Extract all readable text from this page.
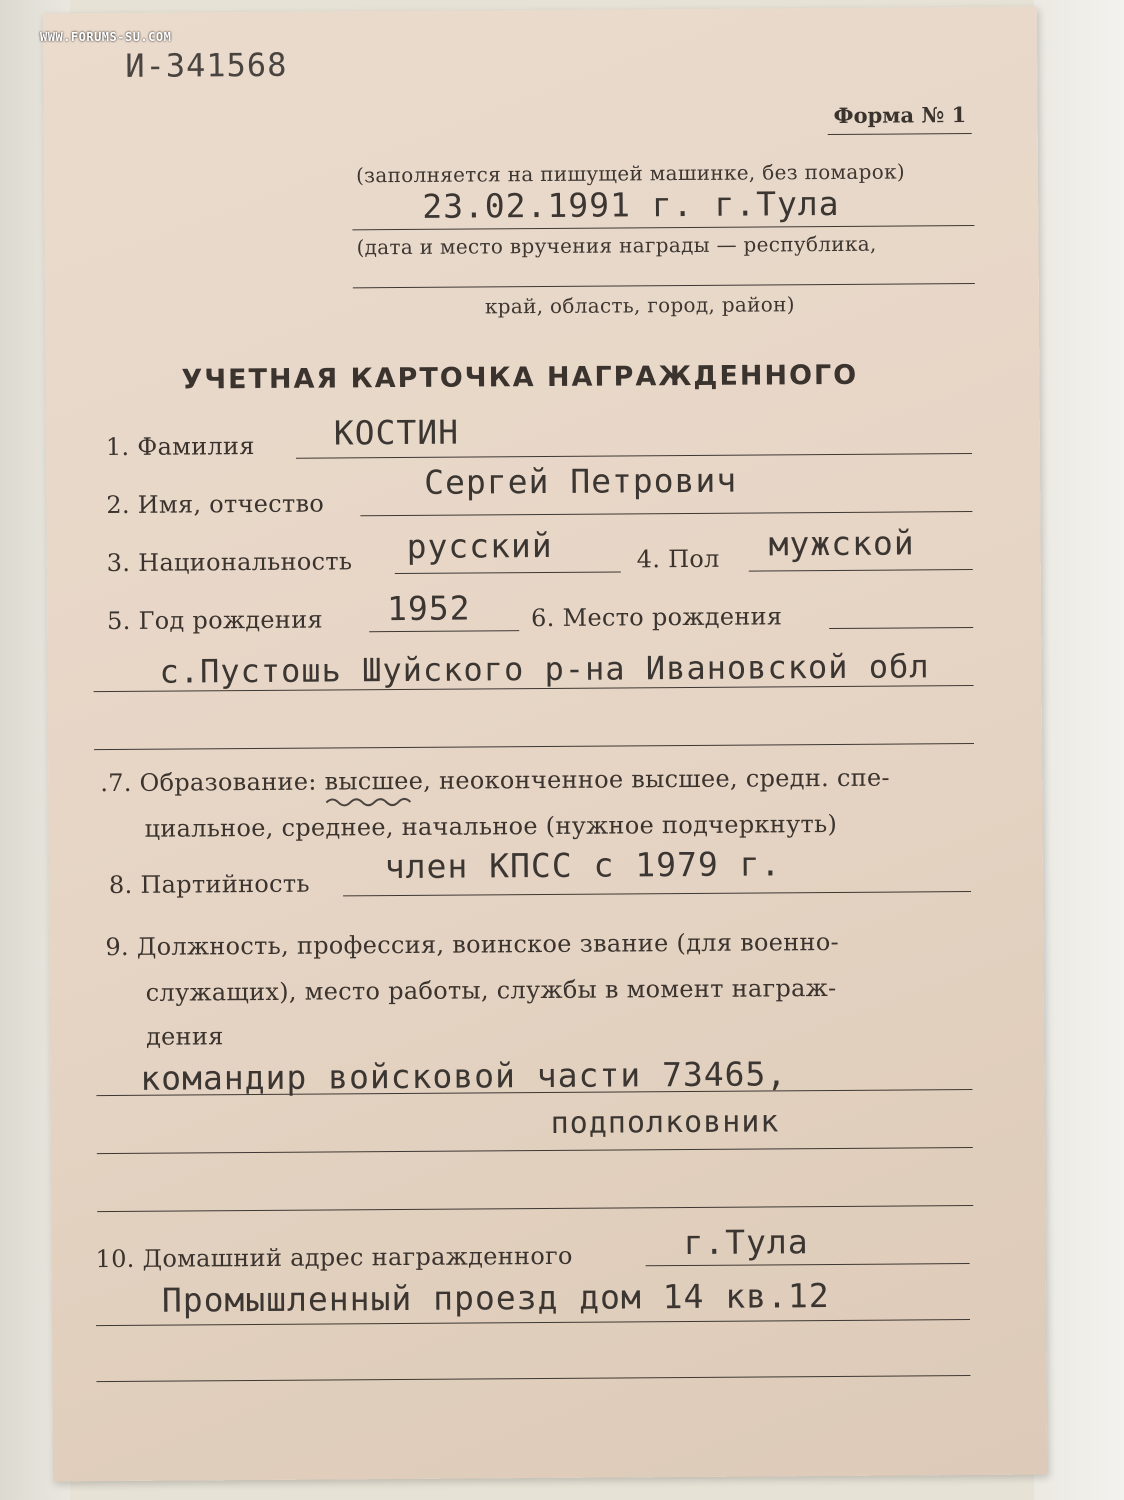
И-341568
Форма № 1
(заполняется на пишущей машинке, без помарок)
23.02.1991 г. г.Тула
(дата и место вручения награды — республика,
край, область, город, район)
УЧЕТНАЯ КАРТОЧКА НАГРАЖДЕННОГО
1. Фамилия КОСТИН
2. Имя, отчество
Сергей Петрович
3. Национальность русский	4. Пол мужской
5. Год рождения 1952	6. Место рождения
с.Пустошь Шуйского р-на Ивановской обл
.7. Образование: высшее, неоконченное высшее, средн. спе-
циальное, среднее, начальное (нужное подчеркнуть)
8. Партийность член КПСС с 1979 г.
9. Должность, профессия, воинское звание (для военно-
служащих), место работы, службы в момент награж-
дения
командир войсковой части 73465,
подполковник
10. Домашний адрес награжденного	г.Тула
Промышленный проезд дом 14 кв.12
WWW.FORUMS-SU.COM
